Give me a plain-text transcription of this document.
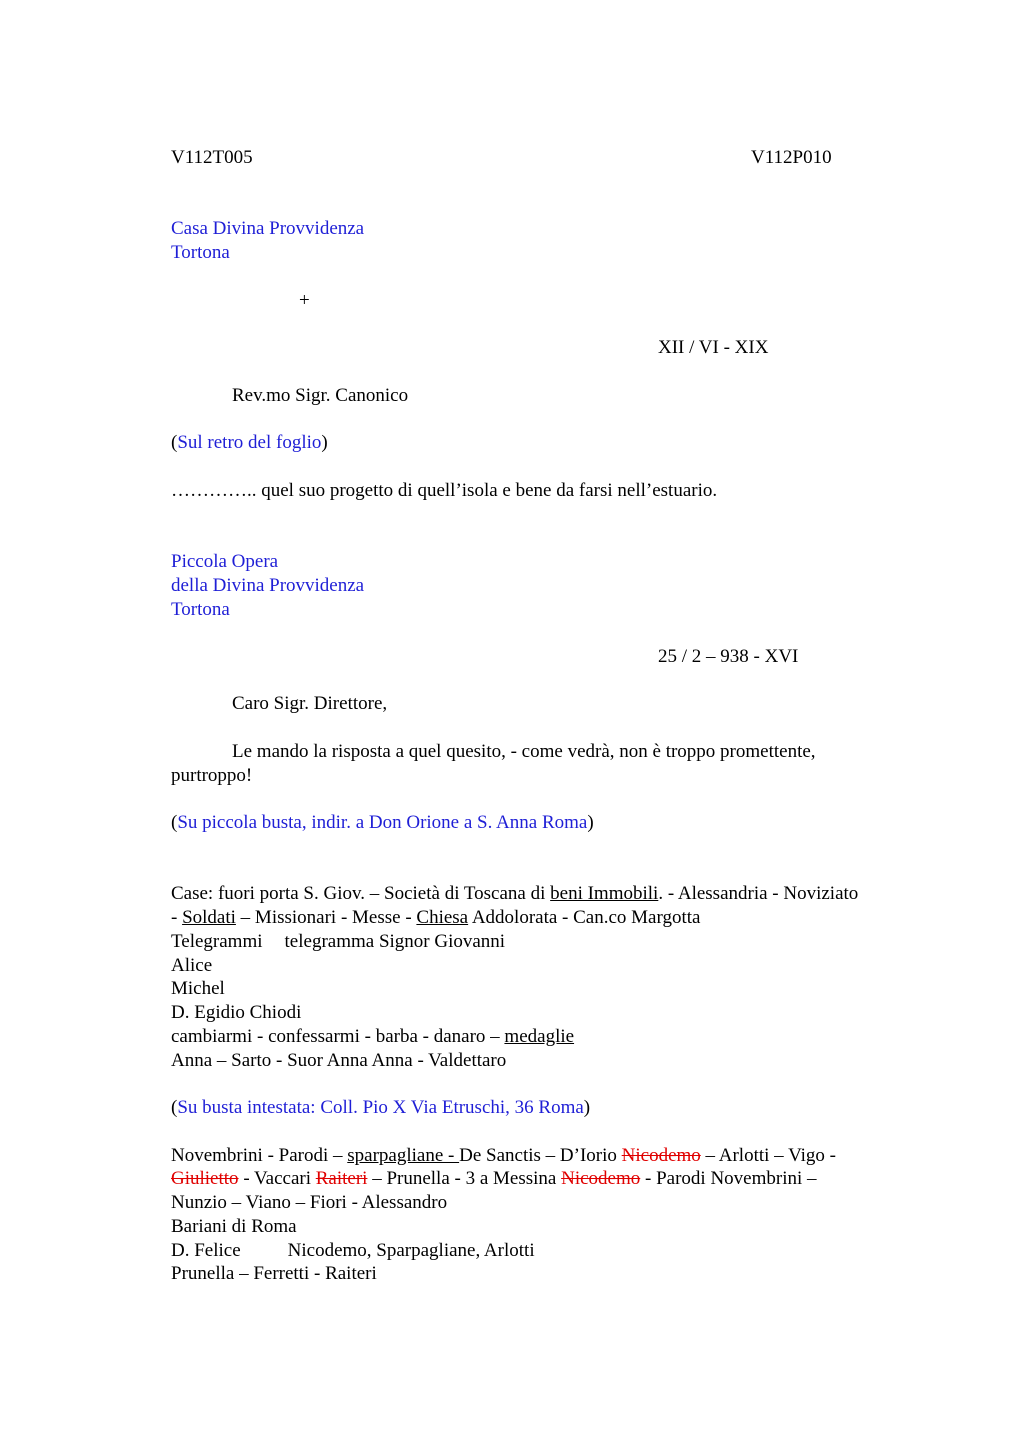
V112T005	V112P010
Casa Divina Provvidenza
Tortona
+
XII / VI - XIX
Rev.mo Sigr. Canonico
(Sul retro del foglio)
………….. quel suo progetto di quell’isola e bene da farsi nell’estuario.
Piccola Opera
della Divina Provvidenza
Tortona
25 / 2 – 938 - XVI
Caro Sigr. Direttore,
Le mando la risposta a quel quesito, - come vedrà, non è troppo promettente,
purtroppo!
(Su piccola busta, indir. a Don Orione a S. Anna Roma)
Case: fuori porta S. Giov. – Società di Toscana di beni Immobili. - Alessandria - Noviziato
- Soldati – Missionari - Messe - Chiesa Addolorata - Can.co Margotta
Telegrammi telegramma Signor Giovanni
Alice
Michel
D. Egidio Chiodi
cambiarmi - confessarmi - barba - danaro – medaglie
Anna – Sarto - Suor Anna Anna - Valdettaro
(Su busta intestata: Coll. Pio X Via Etruschi, 36 Roma)
Novembrini - Parodi – sparpagliane - De Sanctis – D’Iorio Nicodemo – Arlotti – Vigo -
Giulietto - Vaccari Raiteri – Prunella - 3 a Messina Nicodemo - Parodi Novembrini –
Nunzio – Viano – Fiori - Alessandro
Bariani di Roma
D. Felice Nicodemo, Sparpagliane, Arlotti
Prunella – Ferretti - Raiteri
